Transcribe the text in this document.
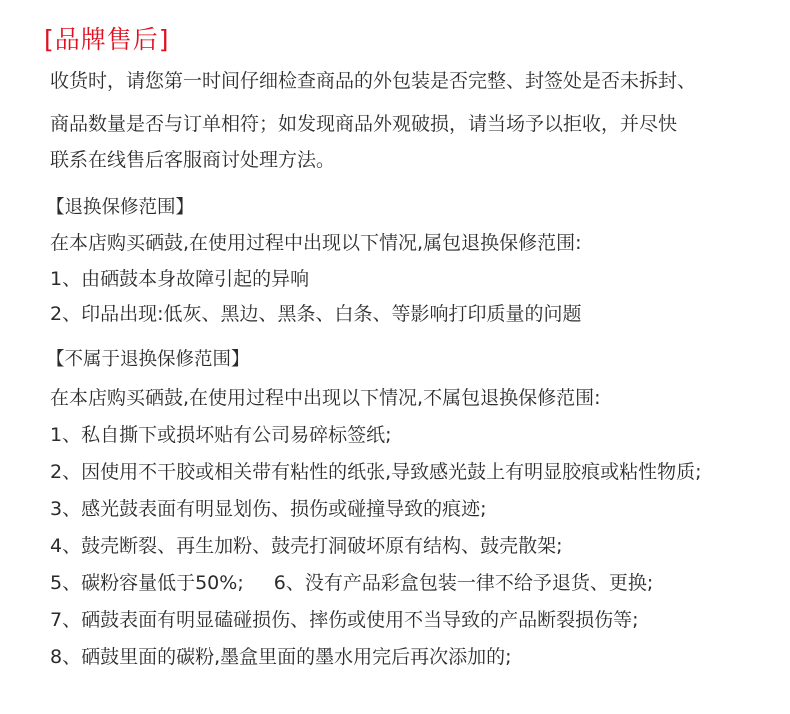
[品牌售后]
收货时，请您第一时间仔细检查商品的外包装是否完整、封签处是否未拆封、
商品数量是否与订单相符；如发现商品外观破损，请当场予以拒收，并尽快
联系在线售后客服商讨处理方法。
【退换保修范围】
在本店购买硒鼓,在使用过程中出现以下情况,属包退换保修范围:
1、由硒鼓本身故障引起的异响
2、印品出现:低灰、黑边、黑条、白条、等影响打印质量的问题
【不属于退换保修范围】
在本店购买硒鼓,在使用过程中出现以下情况,不属包退换保修范围:
1、私自撕下或损坏贴有公司易碎标签纸;
2、因使用不干胶或相关带有粘性的纸张,导致感光鼓上有明显胶痕或粘性物质;
3、感光鼓表面有明显划伤、损伤或碰撞导致的痕迹;
4、鼓壳断裂、再生加粉、鼓壳打洞破坏原有结构、鼓壳散架;
5、碳粉容量低于50%; 6、没有产品彩盒包装一律不给予退货、更换;
7、硒鼓表面有明显磕碰损伤、摔伤或使用不当导致的产品断裂损伤等;
8、硒鼓里面的碳粉,墨盒里面的墨水用完后再次添加的;
